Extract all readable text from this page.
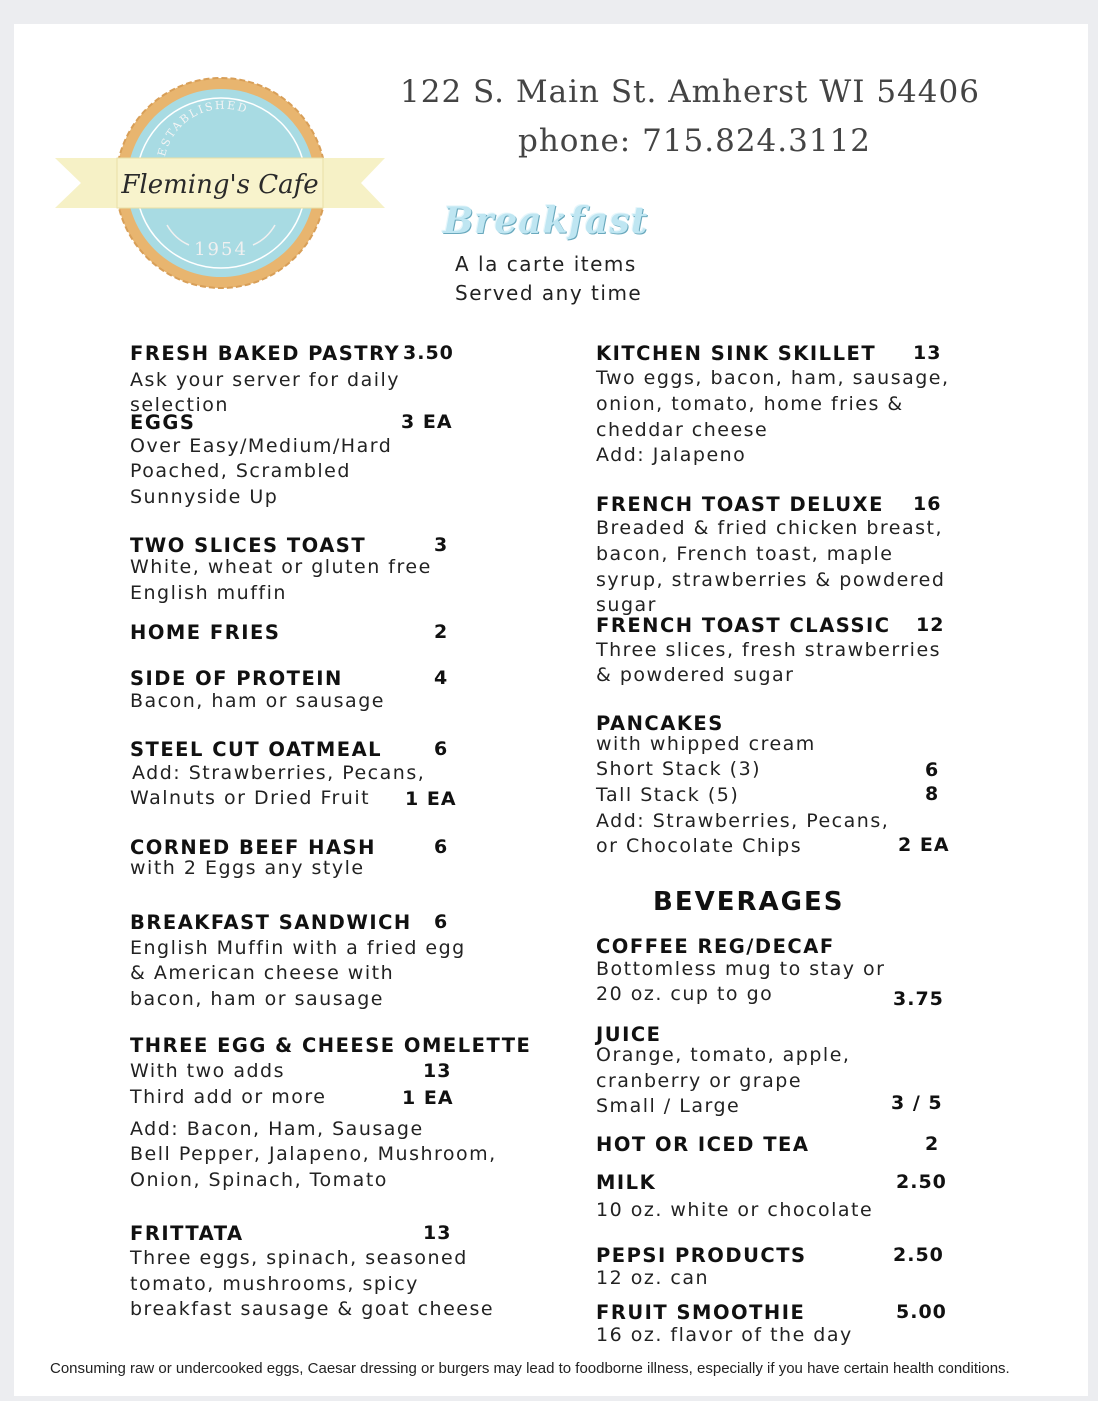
ESTABLISHED
Fleming's Cafe
1954
122 S. Main St. Amherst WI 54406
phone: 715.824.3112
Breakfast
A la carte items
Served any time
FRESH BAKED PASTRY 3.50
Ask your server for daily
selection
EGGS	3 EA
Over Easy/Medium/Hard
Poached, Scrambled
Sunnyside Up
TWO SLICES TOAST	3
White, wheat or gluten free
English muffin
HOME FRIES	2
SIDE OF PROTEIN	4
Bacon, ham or sausage
STEEL CUT OATMEAL	6
Add: Strawberries, Pecans,
Walnuts or Dried Fruit 1 EA
CORNED BEEF HASH	6
with 2 Eggs any style
BREAKFAST SANDWICH 6
English Muffin with a fried egg
& American cheese with
bacon, ham or sausage
THREE EGG & CHEESE OMELETTE
With two adds	13
Third add or more	1 EA
Add: Bacon, Ham, Sausage
Bell Pepper, Jalapeno, Mushroom,
Onion, Spinach, Tomato
FRITTATA	13
Three eggs, spinach, seasoned
tomato, mushrooms, spicy
breakfast sausage & goat cheese
KITCHEN SINK SKILLET 13
Two eggs, bacon, ham, sausage,
onion, tomato, home fries &
cheddar cheese
Add: Jalapeno
FRENCH TOAST DELUXE 16
Breaded & fried chicken breast,
bacon, French toast, maple
syrup, strawberries & powdered
sugar
FRENCH TOAST CLASSIC 12
Three slices, fresh strawberries
& powdered sugar
PANCAKES
with whipped cream
Short Stack (3)	6
Tall Stack (5)	8
Add: Strawberries, Pecans,
or Chocolate Chips	2 EA
BEVERAGES
COFFEE REG/DECAF
Bottomless mug to stay or
20 oz. cup to go	3.75
JUICE
Orange, tomato, apple,
cranberry or grape
Small / Large	3 / 5
HOT OR ICED TEA	2
MILK	2.50
10 oz. white or chocolate
PEPSI PRODUCTS	2.50
12 oz. can
FRUIT SMOOTHIE	5.00
16 oz. flavor of the day
Consuming raw or undercooked eggs, Caesar dressing or burgers may lead to foodborne illness, especially if you have certain health conditions.
